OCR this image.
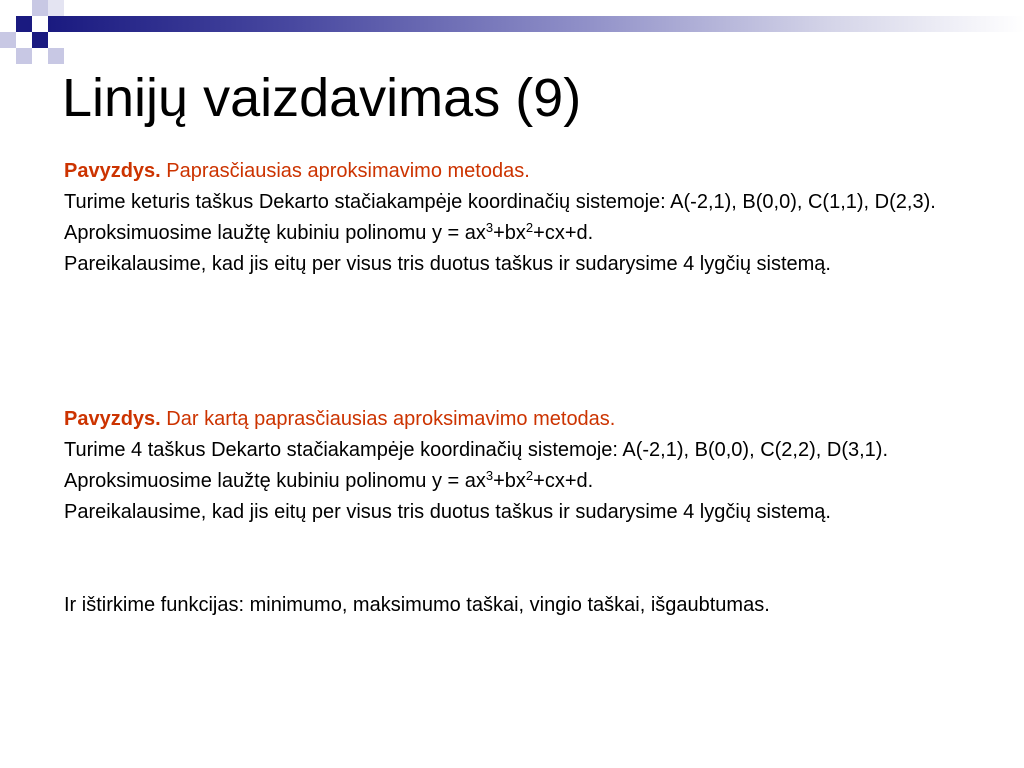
Linijų vaizdavimas (9)

Pavyzdys. Paprasčiausias aproksimavimo metodas.

Turime keturis taškus Dekarto stačiakampėje koordinačių sistemoje: A(-2,1), B(0,0), C(1,1), D(2,3).

Aproksimuosime laužtę kubiniu polinomu $y = ax^3+bx^2+cx+d$.

Pareikalausime, kad jis eitų per visus tris duotus taškus ir sudarysime 4 lygčių sistemą.

Pavyzdys. Dar kartą paprasčiausias aproksimavimo metodas.

Turime 4 taškus Dekarto stačiakampėje koordinačių sistemoje: A(-2,1), B(0,0), C(2,2), D(3,1).

Aproksimuosime laužtę kubiniu polinomu $y = ax^3+bx^2+cx+d$.

Pareikalausime, kad jis eitų per visus tris duotus taškus ir sudarysime 4 lygčių sistemą.

Ir ištirkime funkcijas: minimumo, maksimumo taškai, vingio taškai, išgaubtumas.
